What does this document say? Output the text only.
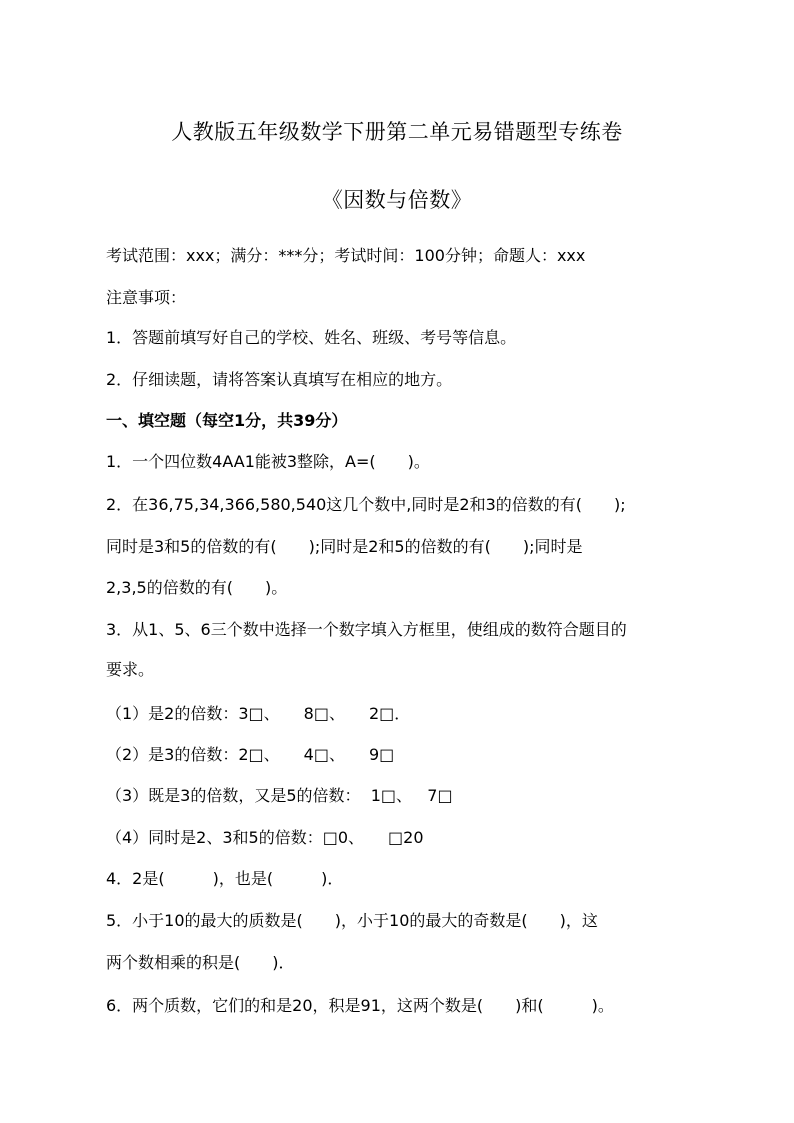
人教版五年级数学下册第二单元易错题型专练卷
《因数与倍数》
考试范围：xxx；满分：***分；考试时间：100分钟；命题人：xxx
注意事项：
1．答题前填写好自己的学校、姓名、班级、考号等信息。
2．仔细读题，请将答案认真填写在相应的地方。
一、填空题（每空1分，共39分）
1．一个四位数4AA1能被3整除，A=(　　)。
2．在36,75,34,366,580,540这几个数中,同时是2和3的倍数的有(　　);
同时是3和5的倍数的有(　　);同时是2和5的倍数的有(　　);同时是
2,3,5的倍数的有(　　)。
3．从1、5、6三个数中选择一个数字填入方框里，使组成的数符合题目的
要求。
（1）是2的倍数：3□、　　8□、　　2□．
（2）是3的倍数：2□、　　4□、　　9□
（3）既是3的倍数，又是5的倍数：  1□、   7□
（4）同时是2、3和5的倍数：□0、　　□20
4．2是(　　　)，也是(　　　)．
5．小于10的最大的质数是(　　)，小于10的最大的奇数是(　　)，这
两个数相乘的积是(　　)．
6．两个质数，它们的和是20，积是91，这两个数是(　　)和(　　　)。
